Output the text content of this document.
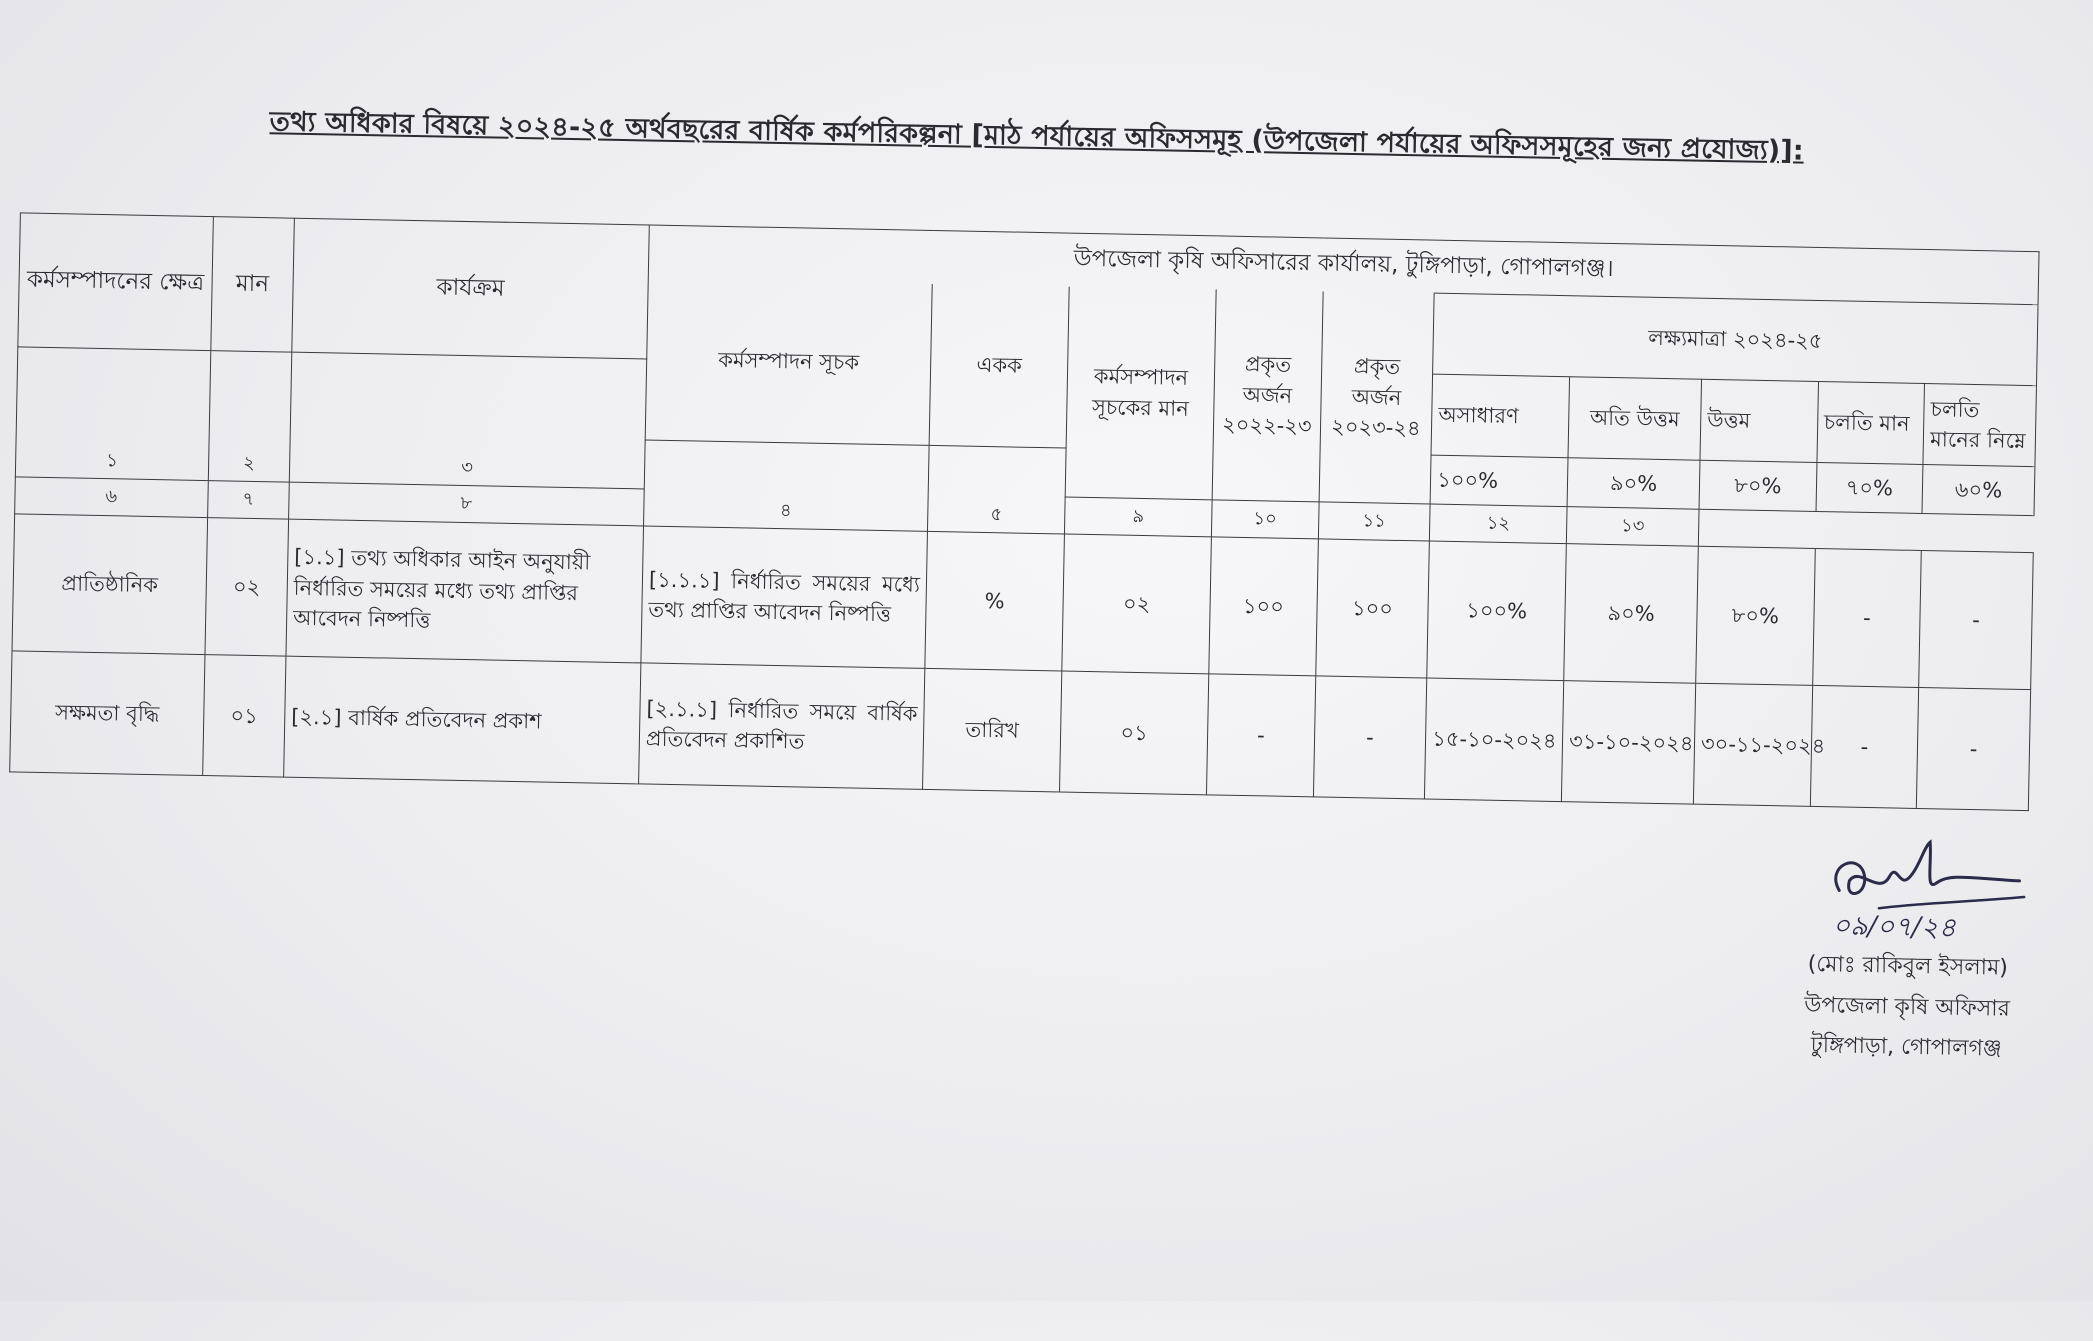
তথ্য অধিকার বিষয়ে ২০২৪-২৫ অর্থবছরের বার্ষিক কর্মপরিকল্পনা [মাঠ পর্যায়ের অফিসসমূহ (উপজেলা পর্যায়ের অফিসসমূহের জন্য প্রযোজ্য)]:
কর্মসম্পাদনের ক্ষেত্র	মান	কার্যক্রম	উপজেলা কৃষি অফিসারের কার্যালয়, টুঙ্গিপাড়া, গোপালগঞ্জ।									
			কর্মসম্পাদন সূচক	একক	কর্মসম্পাদন সূচকের মান	প্রকৃত অর্জন ২০২২-২৩	প্রকৃত অর্জন ২০২৩-২৪	লক্ষ্যমাত্রা ২০২৪-২৫				
১	২	৩						অসাধারণ	অতি উত্তম	উত্তম	চলতি মান	চলতি মানের নিম্নে
			৪	৫				১০০%	৯০%	৮০%	৭০%	৬০%
৬	৭	৮			৯	১০	১১	১২	১৩		
প্রাতিষ্ঠানিক	০২	[১.১] তথ্য অধিকার আইন অনুযায়ী নির্ধারিত সময়ের মধ্যে তথ্য প্রাপ্তির আবেদন নিষ্পত্তি	[১.১.১] নির্ধারিত সময়ের মধ্যে তথ্য প্রাপ্তির আবেদন নিষ্পত্তি	%	০২	১০০	১০০	১০০%	৯০%	৮০%	-	-
সক্ষমতা বৃদ্ধি	০১	[২.১] বার্ষিক প্রতিবেদন প্রকাশ	[২.১.১] নির্ধারিত সময়ে বার্ষিক প্রতিবেদন প্রকাশিত	তারিখ	০১	-	-	১৫-১০-২০২৪	৩১-১০-২০২৪	৩০-১১-২০২৪	-	-
(মোঃ রাকিবুল ইসলাম)
উপজেলা কৃষি অফিসার
টুঙ্গিপাড়া, গোপালগঞ্জ
০৯/০৭/২৪
